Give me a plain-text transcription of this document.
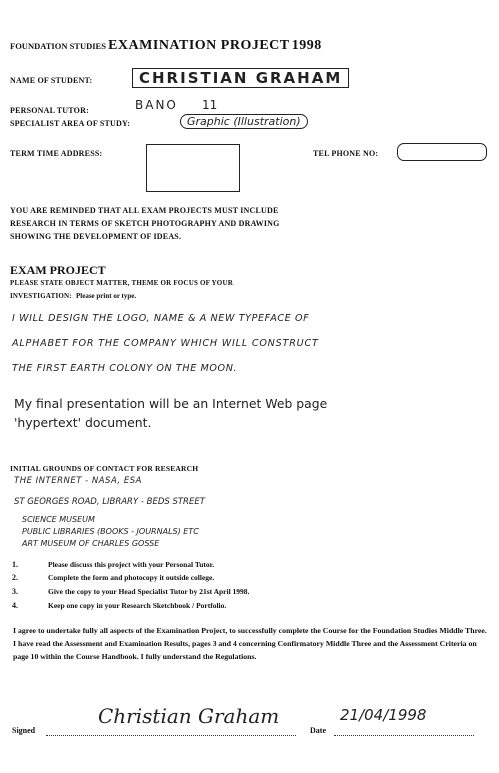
FOUNDATION STUDIES EXAMINATION PROJECT 1998
NAME OF STUDENT:	CHRISTIAN GRAHAM
PERSONAL TUTOR:	BANO 11
SPECIALIST AREA OF STUDY:	Graphic (Illustration)
TERM TIME ADDRESS:	TEL PHONE NO:
YOU ARE REMINDED THAT ALL EXAM PROJECTS MUST INCLUDE
RESEARCH IN TERMS OF SKETCH PHOTOGRAPHY AND DRAWING
SHOWING THE DEVELOPMENT OF IDEAS.
EXAM PROJECT
PLEASE STATE OBJECT MATTER, THEME OR FOCUS OF YOUR
INVESTIGATION: Please print or type.
I WILL DESIGN THE LOGO, NAME & A NEW TYPEFACE OF
ALPHABET FOR THE COMPANY WHICH WILL CONSTRUCT
THE FIRST EARTH COLONY ON THE MOON.
My final presentation will be an Internet Web page
'hypertext' document.
INITIAL GROUNDS OF CONTACT FOR RESEARCH
THE INTERNET - NASA, ESA
ST GEORGES ROAD, LIBRARY - BEDS STREET
SCIENCE MUSEUM
PUBLIC LIBRARIES (BOOKS - JOURNALS) ETC
ART MUSEUM OF CHARLES GOSSE
1.	Please discuss this project with your Personal Tutor.
2.	Complete the form and photocopy it outside college.
3.	Give the copy to your Head Specialist Tutor by 21st April 1998.
4.	Keep one copy in your Research Sketchbook / Portfolio.
I agree to undertake fully all aspects of the Examination Project, to successfully complete the Course for the Foundation Studies Middle Three. I have read the Assessment and Examination Results, pages 3 and 4 concerning Confirmatory Middle Three and the Assessment Criteria on page 10 within the Course Handbook. I fully understand the Regulations.
Signed
Christian Graham
Date
21/04/1998
